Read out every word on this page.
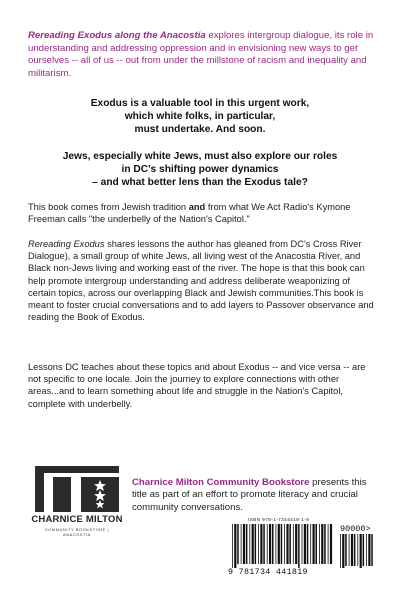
Rereading Exodus along the Anacostia explores intergroup dialogue, its role in understanding and addressing oppression and in envisioning new ways to get ourselves -- all of us -- out from under the millstone of racism and inequality and militarism.
Exodus is a valuable tool in this urgent work,
which white folks, in particular,
must undertake. And soon.
Jews, especially white Jews, must also explore our roles
in DC's shifting power dynamics
– and what better lens than the Exodus tale?
This book comes from Jewish tradition and from what We Act Radio's Kymone Freeman calls "the underbelly of the Nation's Capitol."
Rereading Exodus shares lessons the author has gleaned from DC's Cross River Dialogue), a small group of white Jews, all living west of the Anacostia River, and Black non-Jews living and working east of the river. The hope is that this book can help promote intergroup understanding and address deliberate weaponizing of certain topics, across our overlapping Black and Jewish communities.This book is meant to foster crucial conversations and to add layers to Passover observance and reading the Book of Exodus.
Lessons DC teaches about these topics and about Exodus -- and vice versa -- are not specific to one locale. Join the journey to explore connections with other areas...and to learn something about life and struggle in the Nation's Capitol, complete with underbelly.
CHARNICE MILTON
COMMUNITY BOOKSTORE | ANACOSTIA
Charnice Milton Community Bookstore presents this title as part of an effort to promote literacy and crucial community conversations.
ISBN 978-1-7344418-1-9
90000>
9 781734 441819
